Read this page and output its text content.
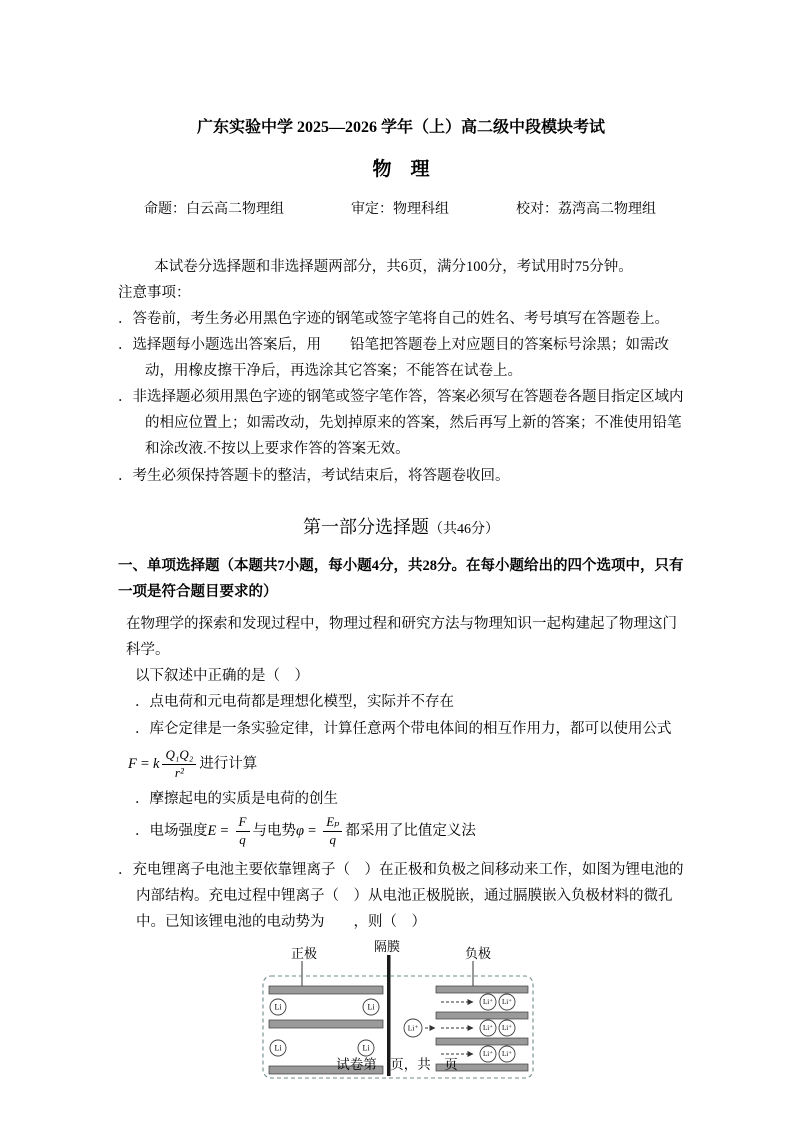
广东实验中学 2025—2026 学年（上）高二级中段模块考试
物　理
命题：白云高二物理组	审定：物理科组	校对：荔湾高二物理组

本试卷分选择题和非选择题两部分，共6页，满分100分，考试用时75分钟。

注意事项：

．答卷前，考生务必用黑色字迹的钢笔或签字笔将自己的姓名、考号填写在答题卷上。

．选择题每小题选出答案后，用　　铅笔把答题卷上对应题目的答案标号涂黑；如需改动，用橡皮擦干净后，再选涂其它答案；不能答在试卷上。

．非选择题必须用黑色字迹的钢笔或签字笔作答，答案必须写在答题卷各题目指定区域内的相应位置上；如需改动，先划掉原来的答案，然后再写上新的答案；不准使用铅笔和涂改液.不按以上要求作答的答案无效。

．考生必须保持答题卡的整洁，考试结束后，将答题卷收回。

第一部分选择题（共46分）

一、单项选择题（本题共7小题，每小题4分，共28分。在每小题给出的四个选项中，只有一项是符合题目要求的）

在物理学的探索和发现过程中，物理过程和研究方法与物理知识一起构建起了物理这门科学。

以下叙述中正确的是（　）

．点电荷和元电荷都是理想化模型，实际并不存在

．库仑定律是一条实验定律，计算任意两个带电体间的相互作用力，都可以使用公式

F = k $\frac{\text{Q₁Q₂}}{\text{r²}}$ 进行计算

．摩擦起电的实质是电荷的创生

．电场强度$E = \frac{F}{q}$ 与电势$\varphi = \frac{\text{Eₚ}}{q}$ 都采用了比值定义法

．充电锂离子电池主要依靠锂离子（　）在正极和负极之间移动来工作，如图为锂电池的内部结构。充电过程中锂离子（　）从电池正极脱嵌，通过膈膜嵌入负极材料的微孔中。已知该锂电池的电动势为　　，则（　）

正极	隔膜	负极
Li	Li
Li	Li
Li⁺
Li⁺ Li⁺
Li⁺ Li⁺
Li⁺ Li⁺
试卷第　页，共　页
